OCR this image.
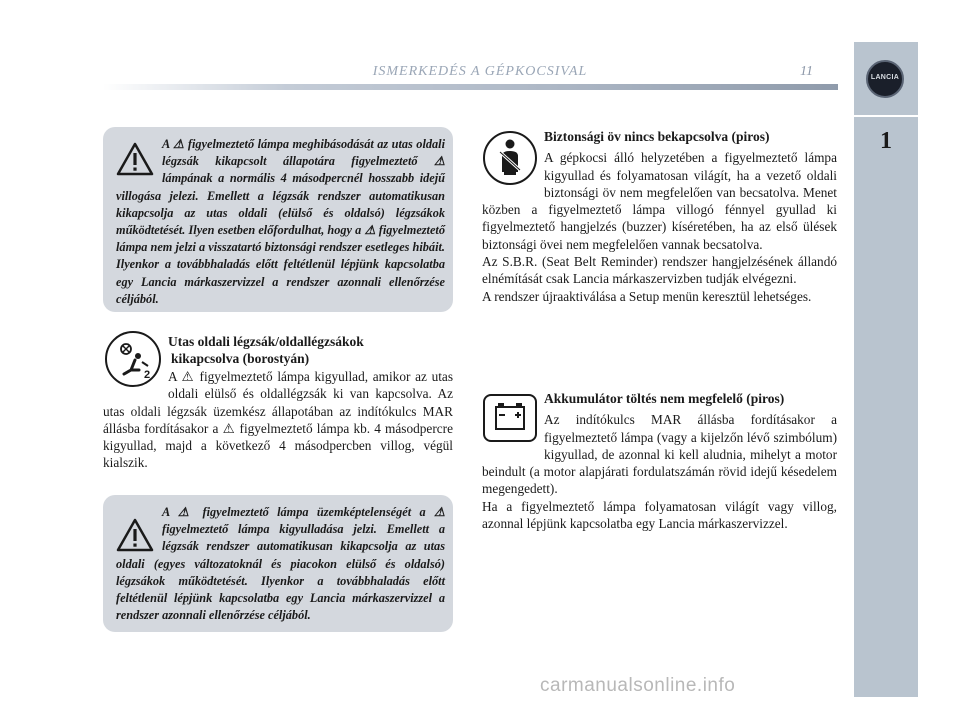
ISMERKEDÉS A GÉPKOCSIVAL	11	LANCIA
1

A ⚠ figyelmeztető lámpa meghibásodását az utas oldali légzsák kikapcsolt állapotára figyelmeztető ⚠ lámpának a normális 4 másodpercnél hosszabb idejű villogása jelezi. Emellett a légzsák rendszer automatikusan kikapcsolja az utas oldali (elülső és oldalsó) légzsákok működtetését. Ilyen esetben előfordulhat, hogy a ⚠ figyelmeztető lámpa nem jelzi a visszatartó biztonsági rendszer esetleges hibáit. Ilyenkor a továbbhaladás előtt feltétlenül lépjünk kapcsolatba egy Lancia márkaszervizzel a rendszer azonnali ellenőrzése céljából.

2

Utas oldali légzsák/oldallégzsákok

kikapcsolva (borostyán)

A ⚠ figyelmeztető lámpa kigyullad, amikor az utas oldali elülső és oldallégzsák ki van kapcsolva. Az utas oldali légzsák üzemkész állapotában az indítókulcs MAR állásba fordításakor a ⚠ figyelmeztető lámpa kb. 4 másodpercre kigyullad, majd a következő 4 másodpercben villog, végül kialszik.

A ⚠ figyelmeztető lámpa üzemképtelenségét a ⚠ figyelmeztető lámpa kigyulladása jelzi. Emellett a légzsák rendszer automatikusan kikapcsolja az utas oldali (egyes változatoknál és piacokon elülső és oldalsó) légzsákok működtetését. Ilyenkor a továbbhaladás előtt feltétlenül lépjünk kapcsolatba egy Lancia márkaszervizzel a rendszer azonnali ellenőrzése céljából.

Biztonsági öv nincs bekapcsolva (piros)

A gépkocsi álló helyzetében a figyelmeztető lámpa kigyullad és folyamatosan világít, ha a vezető oldali biztonsági öv nem megfelelően van becsatolva. Menet közben a figyelmeztető lámpa villogó fénnyel gyullad ki figyelmeztető hangjelzés (buzzer) kíséretében, ha az első ülések biztonsági övei nem megfelelően vannak becsatolva.

Az S.B.R. (Seat Belt Reminder) rendszer hangjelzésének állandó elnémítását csak Lancia márkaszervizben tudják elvégezni.

A rendszer újraaktiválása a Setup menün keresztül lehetséges.

Akkumulátor töltés nem megfelelő (piros)

Az indítókulcs MAR állásba fordításakor a figyelmeztető lámpa (vagy a kijelzőn lévő szimbólum) kigyullad, de azonnal ki kell aludnia, mihelyt a motor beindult (a motor alapjárati fordulatszámán rövid idejű késedelem megengedett).

Ha a figyelmeztető lámpa folyamatosan világít vagy villog, azonnal lépjünk kapcsolatba egy Lancia márkaszervizzel.

carmanualsonline.info
